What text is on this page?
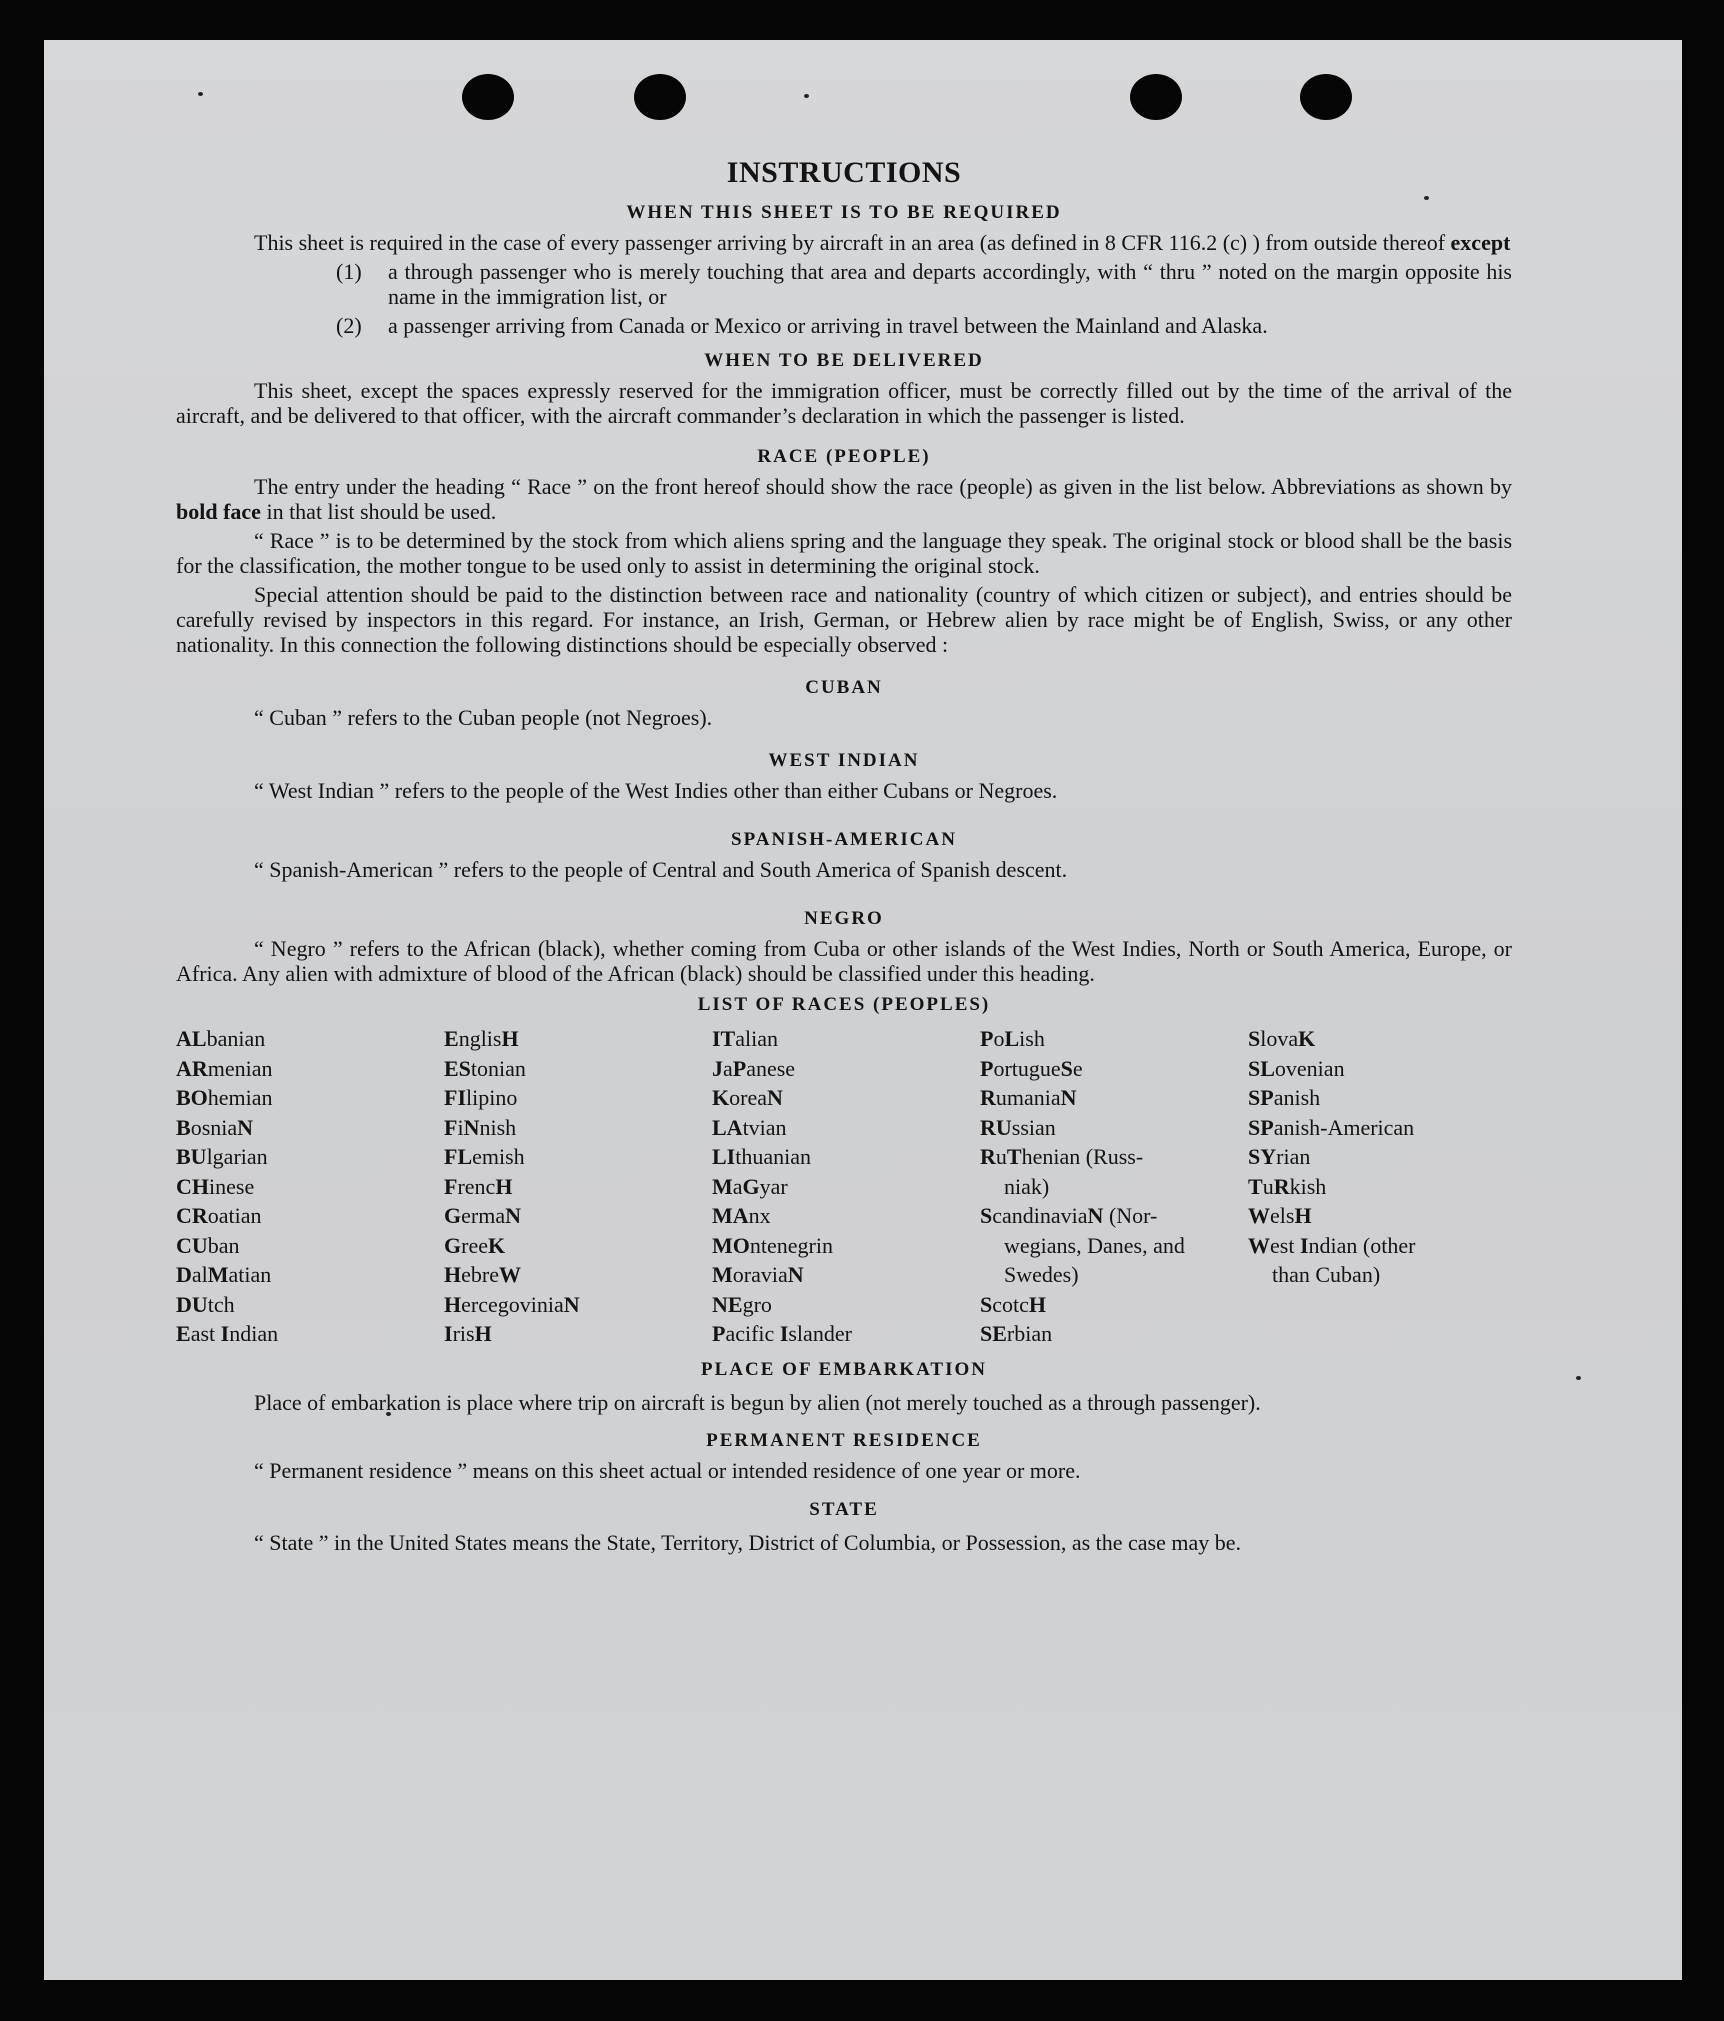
INSTRUCTIONS
WHEN THIS SHEET IS TO BE REQUIRED

This sheet is required in the case of every passenger arriving by aircraft in an area (as defined in 8 CFR 116.2 (c) ) from outside thereof except

(1)	a through passenger who is merely touching that area and departs accordingly, with “ thru ” noted on the margin opposite his name in the immigration list, or
(2)	a passenger arriving from Canada or Mexico or arriving in travel between the Mainland and Alaska.
WHEN TO BE DELIVERED

This sheet, except the spaces expressly reserved for the immigration officer, must be correctly filled out by the time of the arrival of the aircraft, and be delivered to that officer, with the aircraft commander’s declaration in which the passenger is listed.

RACE (PEOPLE)

The entry under the heading “ Race ” on the front hereof should show the race (people) as given in the list below. Abbreviations as shown by bold face in that list should be used.

“ Race ” is to be determined by the stock from which aliens spring and the language they speak. The original stock or blood shall be the basis for the classification, the mother tongue to be used only to assist in determining the original stock.

Special attention should be paid to the distinction between race and nationality (country of which citizen or subject), and entries should be carefully revised by inspectors in this regard. For instance, an Irish, German, or Hebrew alien by race might be of English, Swiss, or any other nationality. In this connection the following distinctions should be especially observed :

CUBAN

“ Cuban ” refers to the Cuban people (not Negroes).

WEST INDIAN

“ West Indian ” refers to the people of the West Indies other than either Cubans or Negroes.

SPANISH-AMERICAN

“ Spanish-American ” refers to the people of Central and South America of Spanish descent.

NEGRO

“ Negro ” refers to the African (black), whether coming from Cuba or other islands of the West Indies, North or South America, Europe, or Africa. Any alien with admixture of blood of the African (black) should be classified under this heading.

LIST OF RACES (PEOPLES)
ALbanian
ARmenian
BOhemian
BosniaN
BUlgarian
CHinese
CRoatian
CUban
DalMatian
DUtch
East Indian
EnglisH
EStonian
FIlipino
FiNnish
FLemish
FrencH
GermaN
GreeK
HebreW
HercegoviniaN
IrisH
ITalian
JaPanese
KoreaN
LAtvian
LIthuanian
MaGyar
MAnx
MOntenegrin
MoraviaN
NEgro
Pacific Islander
PoLish
PortugueSe
RumaniaN
RUssian
RuThenian (Russ-
niak)
ScandinaviaN (Nor-
wegians, Danes, and Swedes)
ScotcH
SErbian
SlovaK
SLovenian
SPanish
SPanish-American
SYrian
TuRkish
WelsH
West Indian (other
than Cuban)
PLACE OF EMBARKATION

Place of embarkation is place where trip on aircraft is begun by alien (not merely touched as a through passenger).

PERMANENT RESIDENCE

“ Permanent residence ” means on this sheet actual or intended residence of one year or more.

STATE

“ State ” in the United States means the State, Territory, District of Columbia, or Possession, as the case may be.
